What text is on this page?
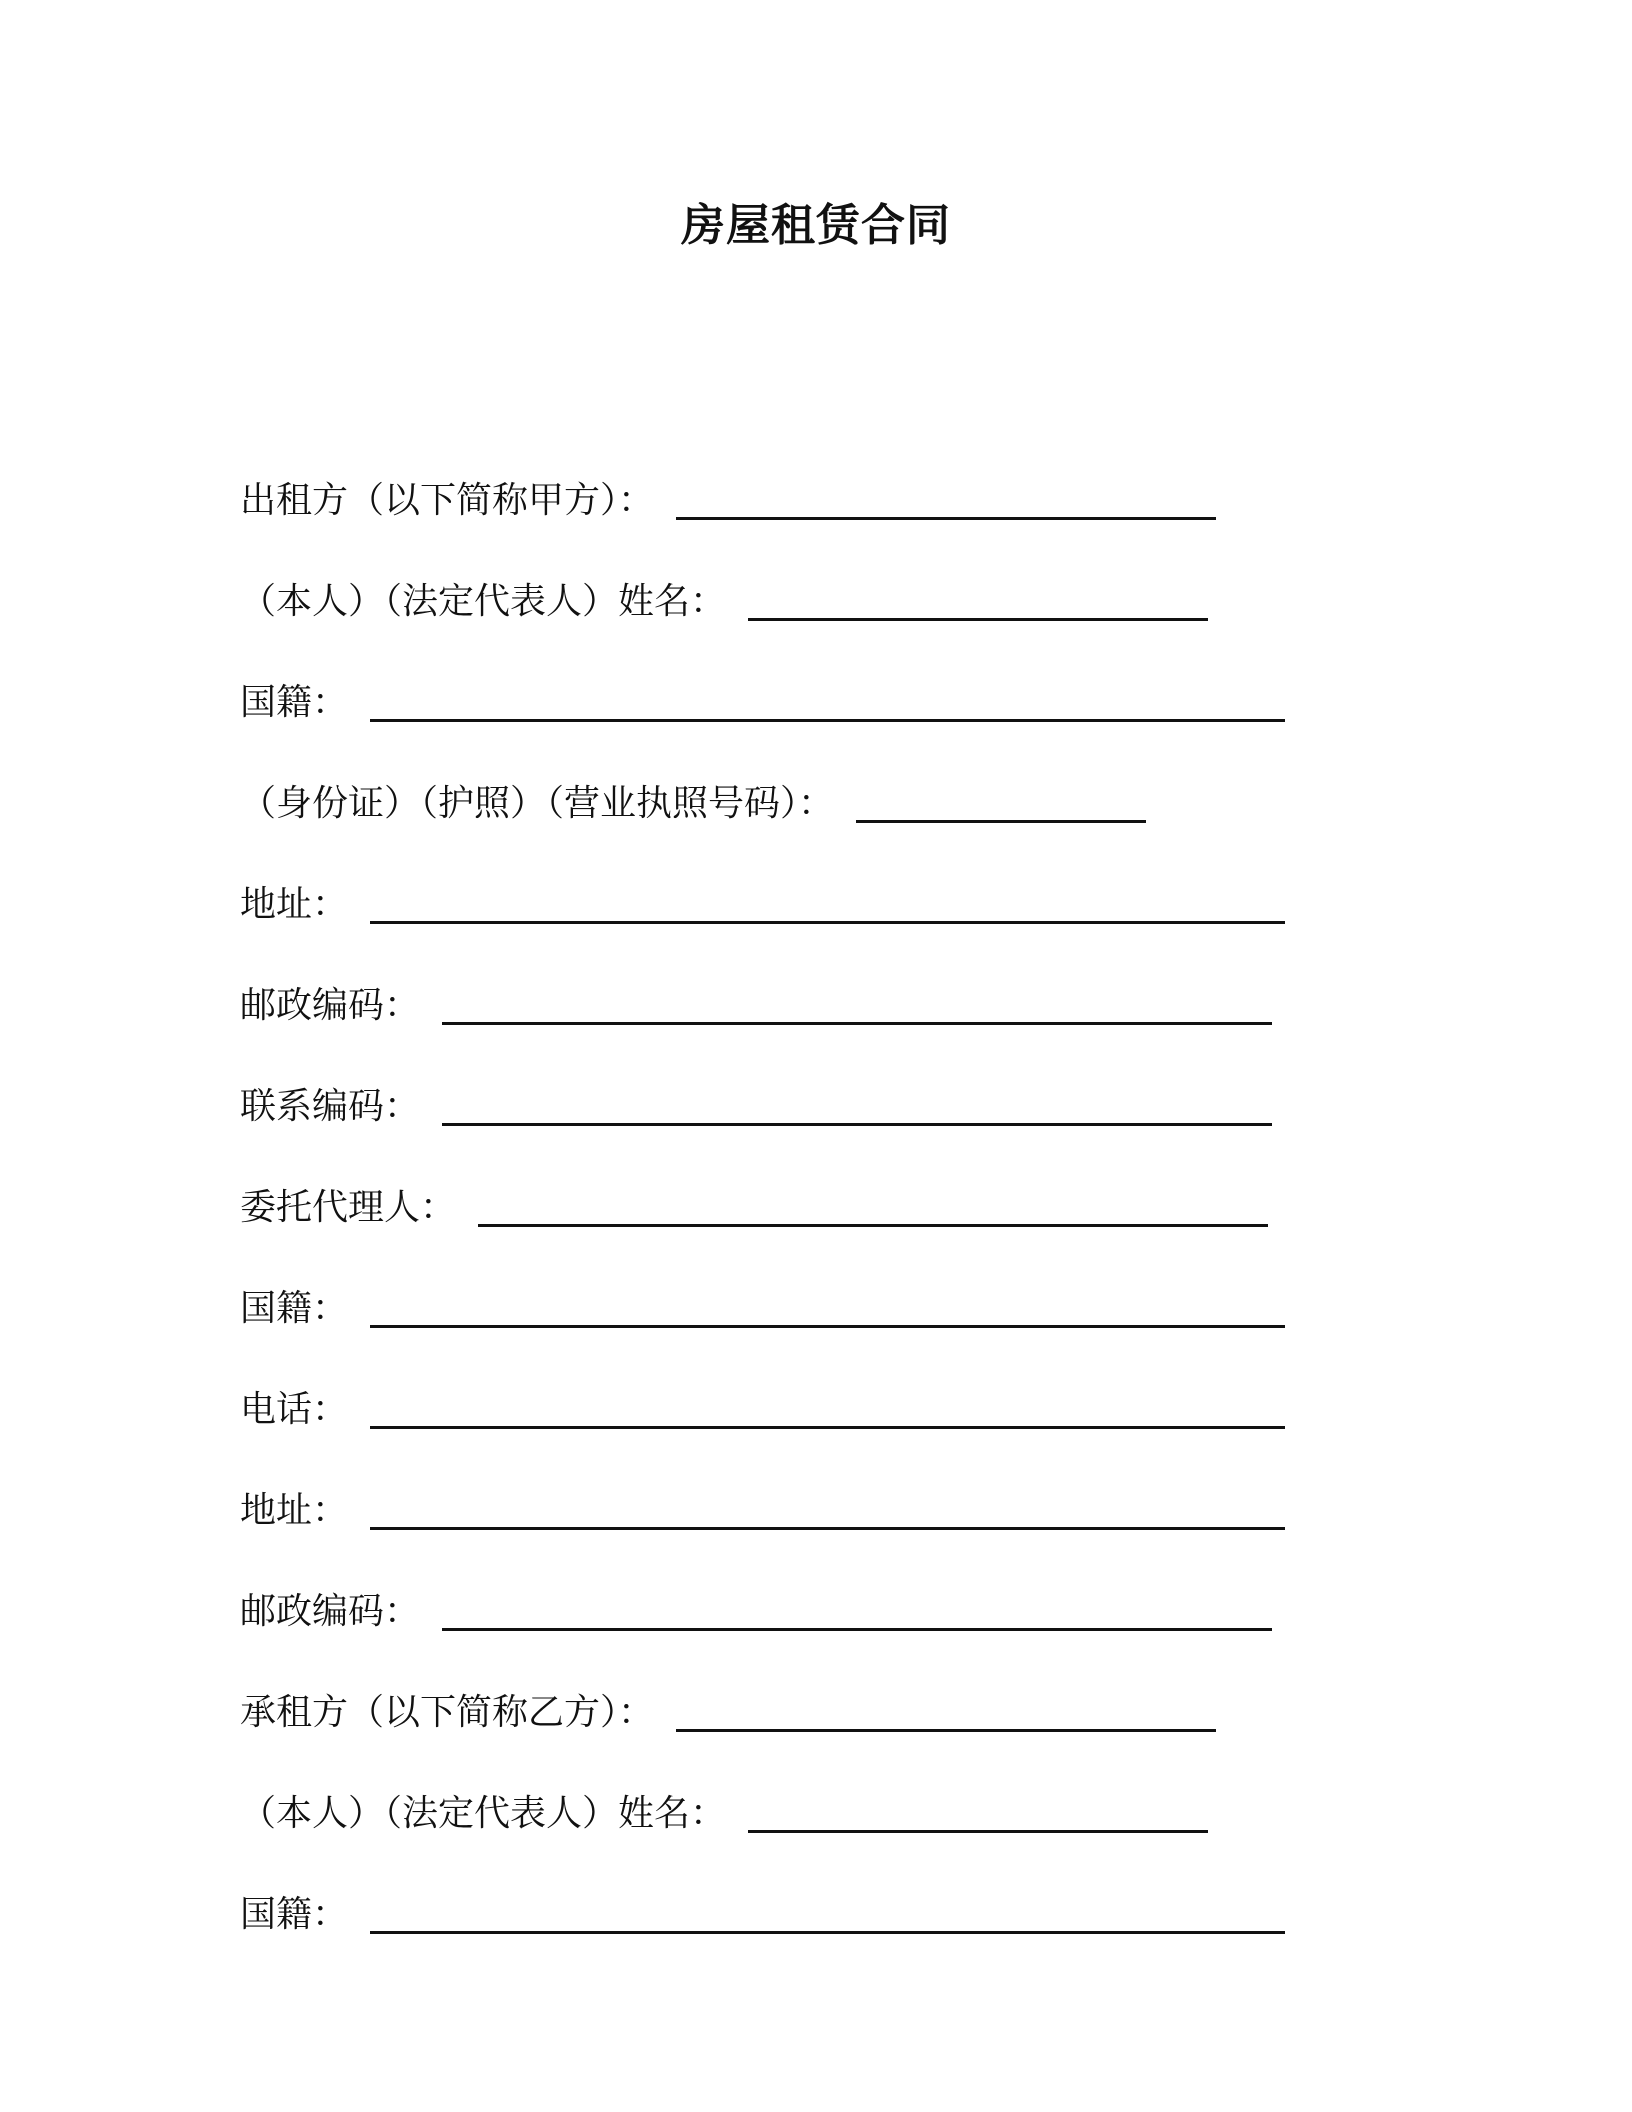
房屋租赁合同
出租方（以下简称甲方）：
（本人）（法定代表人）姓名：
国籍：
（身份证）（护照）（营业执照号码）：
地址：
邮政编码：
联系编码：
委托代理人：
国籍：
电话：
地址：
邮政编码：
承租方（以下简称乙方）：
（本人）（法定代表人）姓名：
国籍：
